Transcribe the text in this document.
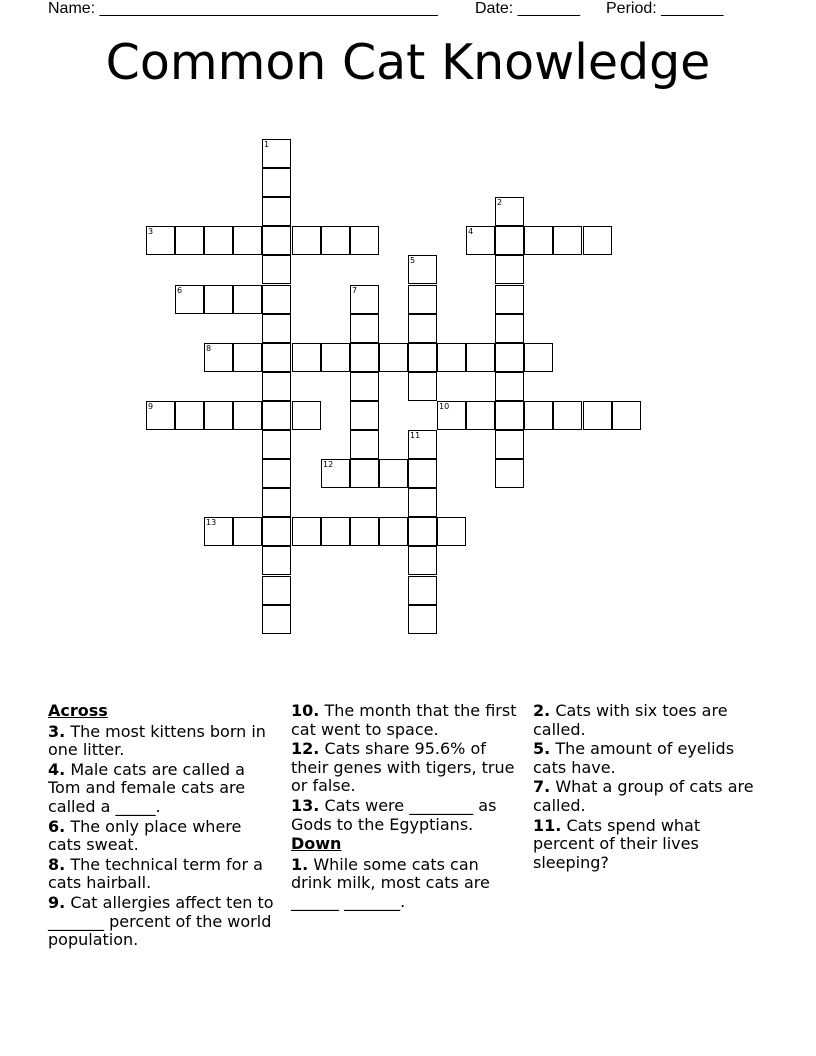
Name: ______________________________________ Date: _______ Period: _______
Common Cat Knowledge
1
2
3	4
5
6	7
8
9	10
11
12
13
Across
3. The most kittens born in one litter.
4. Male cats are called a Tom and female cats are called a _____.
6. The only place where cats sweat.
8. The technical term for a cats hairball.
9. Cat allergies affect ten to _______ percent of the world population.
10. The month that the first cat went to space.
12. Cats share 95.6% of their genes with tigers, true or false.
13. Cats were ________ as Gods to the Egyptians.
Down
1. While some cats can drink milk, most cats are ______ _______.
2. Cats with six toes are called.
5. The amount of eyelids cats have.
7. What a group of cats are called.
11. Cats spend what percent of their lives sleeping?
